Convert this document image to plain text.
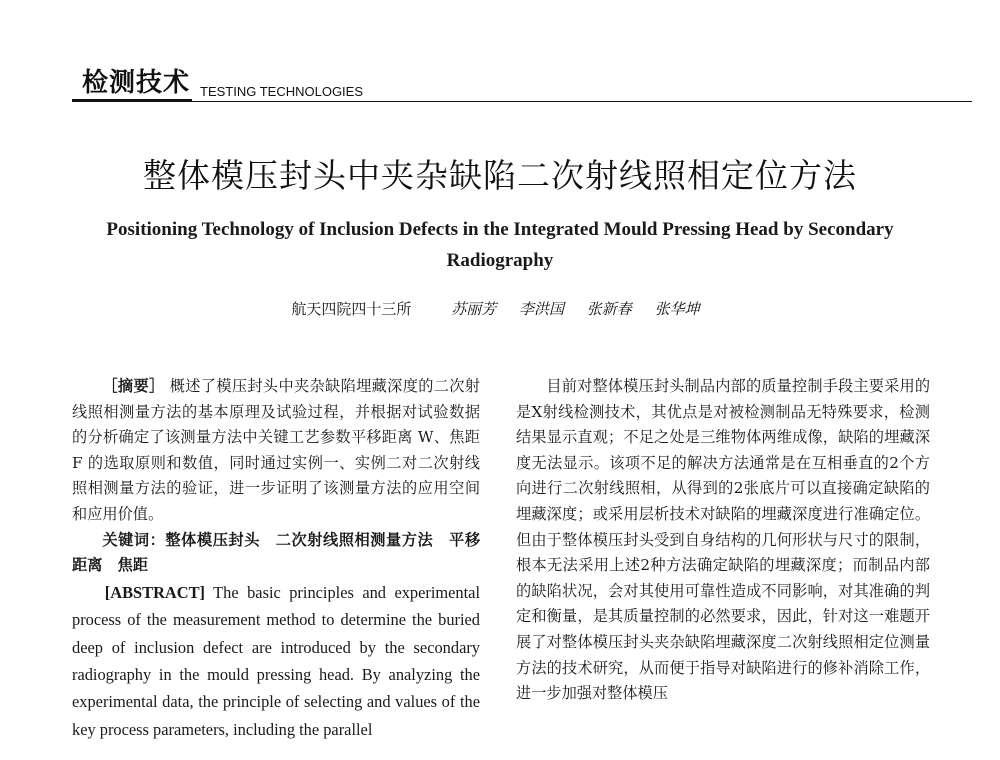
检测技术 TESTING TECHNOLOGIES
整体模压封头中夹杂缺陷二次射线照相定位方法
Positioning Technology of Inclusion Defects in the Integrated Mould Pressing Head by Secondary Radiography
航天四院四十三所	苏丽芳 李洪国 张新春 张华坤

［摘要］ 概述了模压封头中夹杂缺陷埋藏深度的二次射线照相测量方法的基本原理及试验过程，并根据对试验数据的分析确定了该测量方法中关键工艺参数平移距离 W、焦距 F 的选取原则和数值，同时通过实例一、实例二对二次射线照相测量方法的验证，进一步证明了该测量方法的应用空间和应用价值。

关键词：整体模压封头　二次射线照相测量方法　平移距离　焦距

[ABSTRACT] The basic principles and experimental process of the measurement method to determine the buried deep of inclusion defect are introduced by the secondary radiography in the mould pressing head. By analyzing the experimental data, the principle of selecting and values of the key process parameters, including the parallel

目前对整体模压封头制品内部的质量控制手段主要采用的是X射线检测技术，其优点是对被检测制品无特殊要求，检测结果显示直观；不足之处是三维物体两维成像，缺陷的埋藏深度无法显示。该项不足的解决方法通常是在互相垂直的2个方向进行二次射线照相，从得到的2张底片可以直接确定缺陷的埋藏深度；或采用层析技术对缺陷的埋藏深度进行准确定位。但由于整体模压封头受到自身结构的几何形状与尺寸的限制，根本无法采用上述2种方法确定缺陷的埋藏深度；而制品内部的缺陷状况，会对其使用可靠性造成不同影响，对其准确的判定和衡量，是其质量控制的必然要求，因此，针对这一难题开展了对整体模压封头夹杂缺陷埋藏深度二次射线照相定位测量方法的技术研究，从而便于指导对缺陷进行的修补消除工作，进一步加强对整体模压
